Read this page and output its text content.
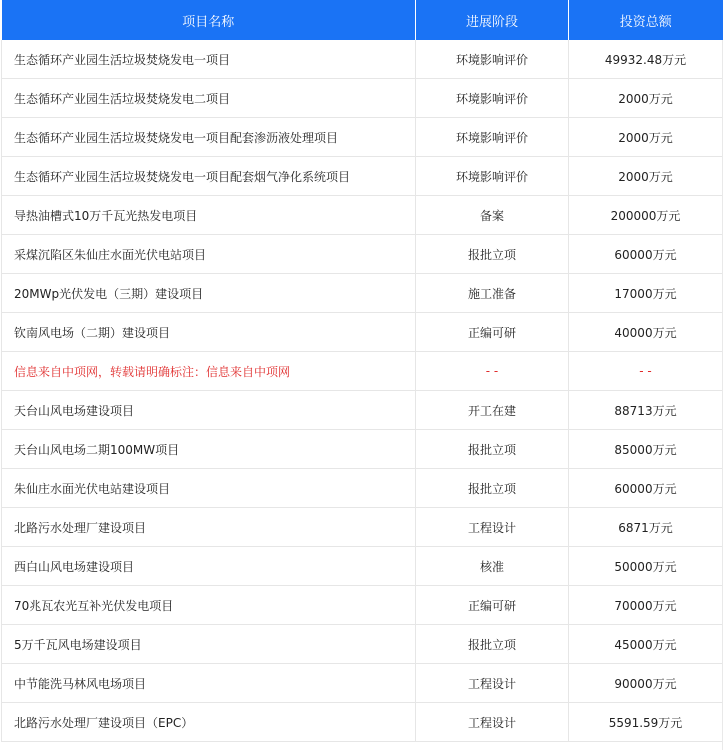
项目名称	进展阶段	投资总额
生态循环产业园生活垃圾焚烧发电一项目	环境影响评价	49932.48万元
生态循环产业园生活垃圾焚烧发电二项目	环境影响评价	2000万元
生态循环产业园生活垃圾焚烧发电一项目配套渗沥液处理项目	环境影响评价	2000万元
生态循环产业园生活垃圾焚烧发电一项目配套烟气净化系统项目	环境影响评价	2000万元
导热油槽式10万千瓦光热发电项目	备案	200000万元
采煤沉陷区朱仙庄水面光伏电站项目	报批立项	60000万元
20MWp光伏发电（三期）建设项目	施工准备	17000万元
钦南风电场（二期）建设项目	正编可研	40000万元
信息来自中项网，转载请明确标注：信息来自中项网	- -	- -
天台山风电场建设项目	开工在建	88713万元
天台山风电场二期100MW项目	报批立项	85000万元
朱仙庄水面光伏电站建设项目	报批立项	60000万元
北路污水处理厂建设项目	工程设计	6871万元
西白山风电场建设项目	核准	50000万元
70兆瓦农光互补光伏发电项目	正编可研	70000万元
5万千瓦风电场建设项目	报批立项	45000万元
中节能洗马林风电场项目	工程设计	90000万元
北路污水处理厂建设项目（EPC）	工程设计	5591.59万元
